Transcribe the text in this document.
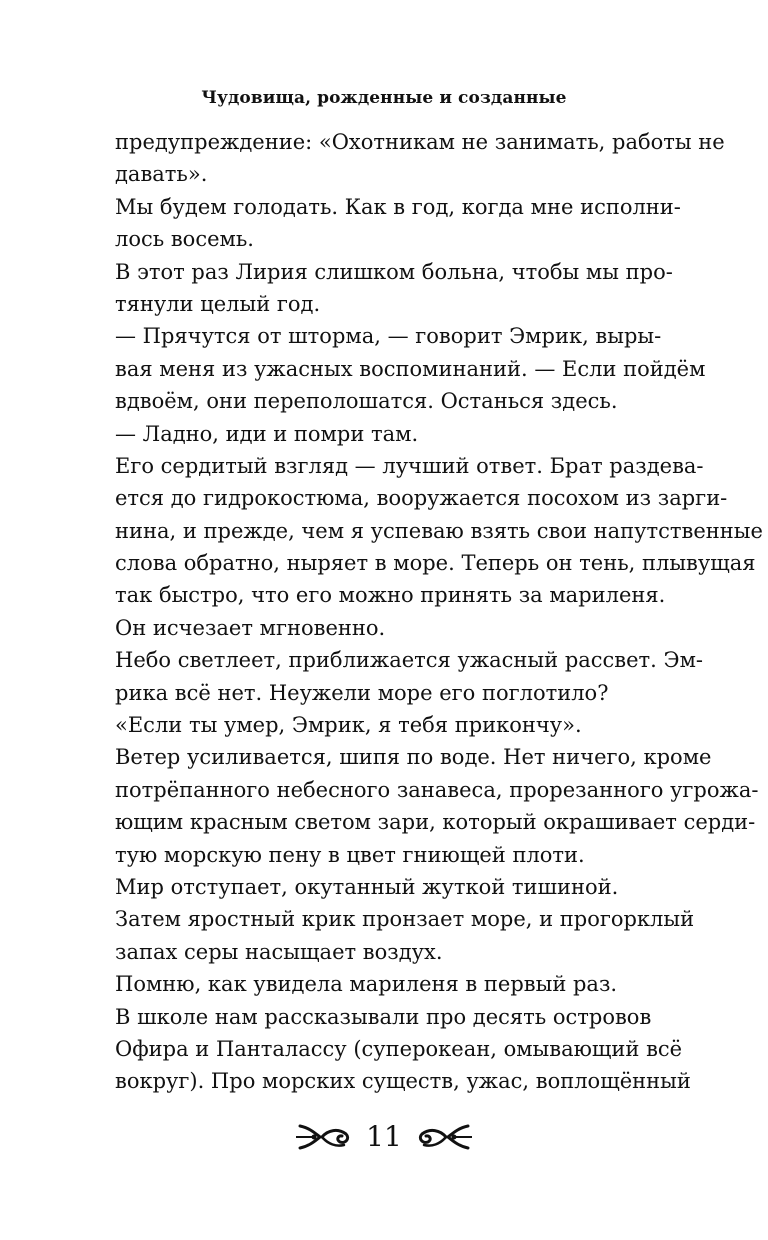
Чудовища, рожденные и созданные
предупреждение: «Охотникам не занимать, работы не
давать».
Мы будем голодать. Как в год, когда мне исполни-
лось восемь.
В этот раз Лирия слишком больна, чтобы мы про-
тянули целый год.
— Прячутся от шторма, — говорит Эмрик, выры-
вая меня из ужасных воспоминаний. — Если пойдём
вдвоём, они переполошатся. Останься здесь.
— Ладно, иди и помри там.
Его сердитый взгляд — лучший ответ. Брат раздева-
ется до гидрокостюма, вооружается посохом из зарги-
нина, и прежде, чем я успеваю взять свои напутственные
слова обратно, ныряет в море. Теперь он тень, плывущая
так быстро, что его можно принять за мариленя.
Он исчезает мгновенно.
Небо светлеет, приближается ужасный рассвет. Эм-
рика всё нет. Неужели море его поглотило?
«Если ты умер, Эмрик, я тебя прикончу».
Ветер усиливается, шипя по воде. Нет ничего, кроме
потрёпанного небесного занавеса, прорезанного угрожа-
ющим красным светом зари, который окрашивает серди-
тую морскую пену в цвет гниющей плоти.
Мир отступает, окутанный жуткой тишиной.
Затем яростный крик пронзает море, и прогорклый
запах серы насыщает воздух.
Помню, как увидела мариленя в первый раз.
В школе нам рассказывали про десять островов
Офира и Панталассу (суперокеан, омывающий всё
вокруг). Про морских существ, ужас, воплощённый
11
